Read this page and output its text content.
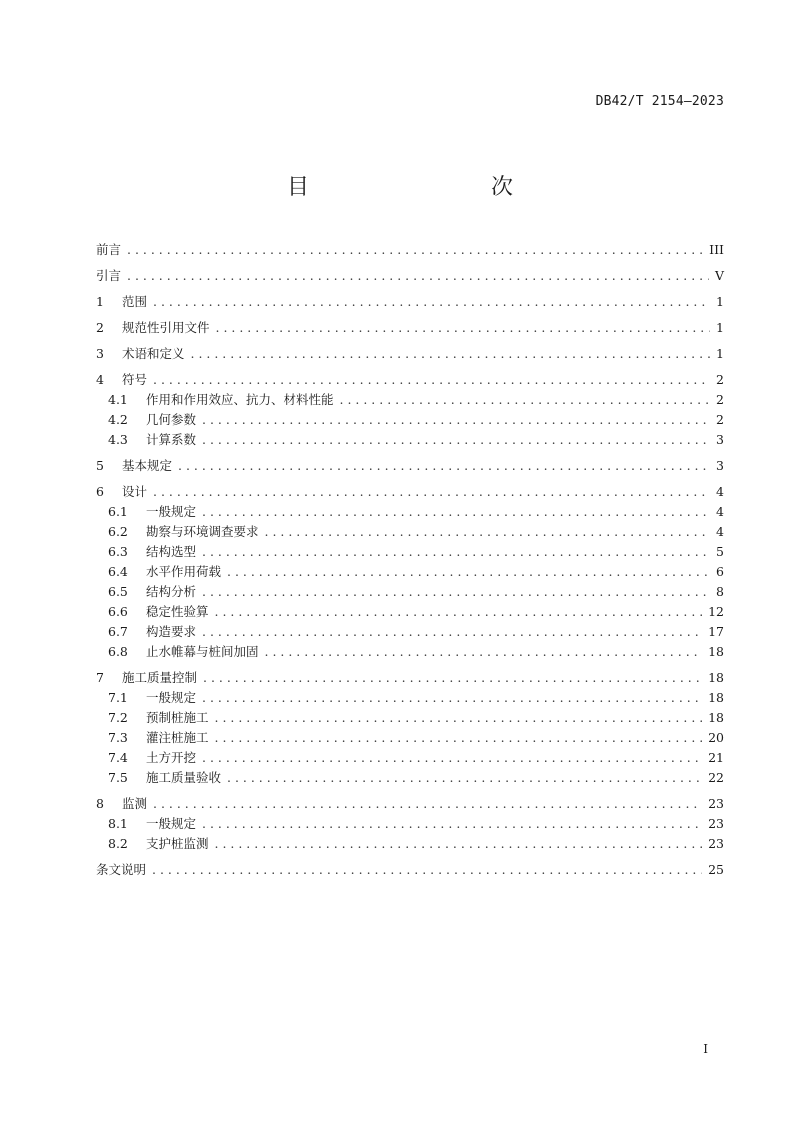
DB42/T 2154—2023
目　　次
前言 . . .	III
引言 . . .	V
1	范围 . . .	1
2	规范性引用文件 . . .	1
3	术语和定义 . . .	1
4	符号 . . .	2
4.1 作用和作用效应、抗力、材料性能 . . .	2
4.2 几何参数 . . .	2
4.3 计算系数 . . .	3
5	基本规定 . . .	3
6	设计 . . .	4
6.1 一般规定 . . .	4
6.2 勘察与环境调查要求 . . .	4
6.3 结构选型 . . .	5
6.4 水平作用荷载 . . .	6
6.5 结构分析 . . .	8
6.6 稳定性验算 . . .	12
6.7 构造要求 . . .	17
6.8 止水帷幕与桩间加固 . . .	18
7	施工质量控制 . . .	18
7.1 一般规定 . . .	18
7.2 预制桩施工 . . .	18
7.3 灌注桩施工 . . .	20
7.4 土方开挖 . . .	21
7.5 施工质量验收 . . .	22
8	监测 . . .	23
8.1 一般规定 . . .	23
8.2 支护桩监测 . . .	23
条文说明 . . .	25
I
